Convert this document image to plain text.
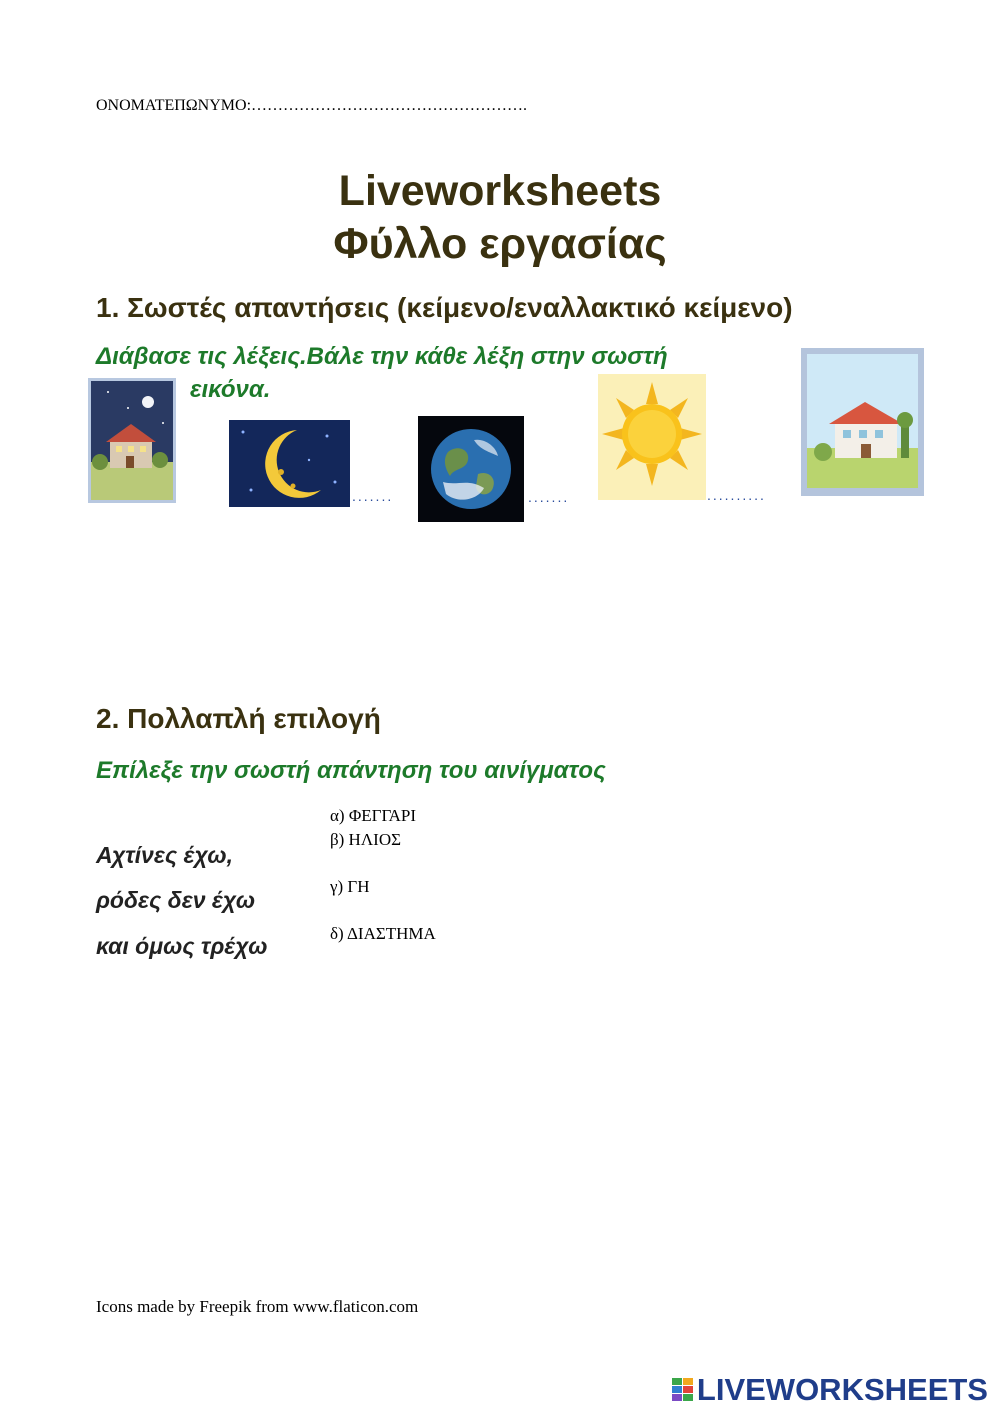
ΟΝΟΜΑΤΕΠΩΝΥΜΟ:…………………………………………….
Liveworksheets
Φύλλο εργασίας
1. Σωστές απαντήσεις (κείμενο/εναλλακτικό κείμενο)
Διάβασε τις λέξεις.Βάλε την κάθε λέξη στην σωστή
εικόνα.
.......	.......	..........
2. Πολλαπλή επιλογή
Επίλεξε την σωστή απάντηση του αινίγματος
Αχτίνες έχω,
ρόδες δεν έχω
και όμως τρέχω
α) ΦΕΓΓΑΡΙ
β) ΗΛΙΟΣ
γ) ΓΗ
δ) ΔΙΑΣΤΗΜΑ
Icons made by Freepik from www.flaticon.com
LIVEWORKSHEETS
